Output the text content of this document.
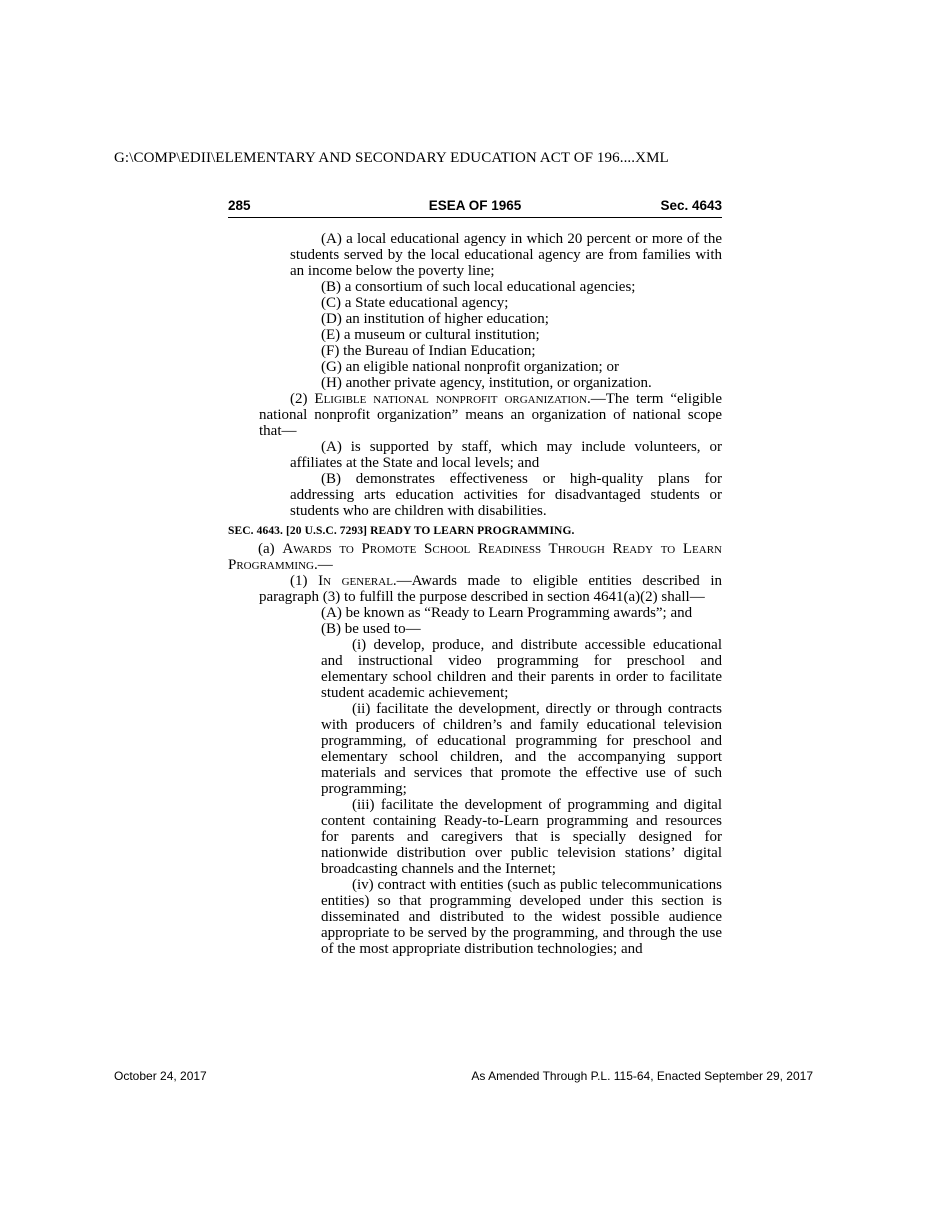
G:\COMP\EDII\ELEMENTARY AND SECONDARY EDUCATION ACT OF 196....XML
285	ESEA OF 1965	Sec. 4643

(A) a local educational agency in which 20 percent or more of the students served by the local educational agency are from families with an income below the poverty line;

(B) a consortium of such local educational agencies;

(C) a State educational agency;

(D) an institution of higher education;

(E) a museum or cultural institution;

(F) the Bureau of Indian Education;

(G) an eligible national nonprofit organization; or

(H) another private agency, institution, or organization.

(2) Eligible national nonprofit organization.—The term “eligible national nonprofit organization” means an organization of national scope that—

(A) is supported by staff, which may include volunteers, or affiliates at the State and local levels; and

(B) demonstrates effectiveness or high-quality plans for addressing arts education activities for disadvantaged students or students who are children with disabilities.

SEC. 4643. [20 U.S.C. 7293] READY TO LEARN PROGRAMMING.

(a) Awards to Promote School Readiness Through Ready to Learn Programming.—

(1) In general.—Awards made to eligible entities described in paragraph (3) to fulfill the purpose described in section 4641(a)(2) shall—

(A) be known as “Ready to Learn Programming awards”; and

(B) be used to—

(i) develop, produce, and distribute accessible educational and instructional video programming for preschool and elementary school children and their parents in order to facilitate student academic achievement;

(ii) facilitate the development, directly or through contracts with producers of children’s and family educational television programming, of educational programming for preschool and elementary school children, and the accompanying support materials and services that promote the effective use of such programming;

(iii) facilitate the development of programming and digital content containing Ready-to-Learn programming and resources for parents and caregivers that is specially designed for nationwide distribution over public television stations’ digital broadcasting channels and the Internet;

(iv) contract with entities (such as public telecommunications entities) so that programming developed under this section is disseminated and distributed to the widest possible audience appropriate to be served by the programming, and through the use of the most appropriate distribution technologies; and

October 24, 2017	As Amended Through P.L. 115-64, Enacted September 29, 2017
